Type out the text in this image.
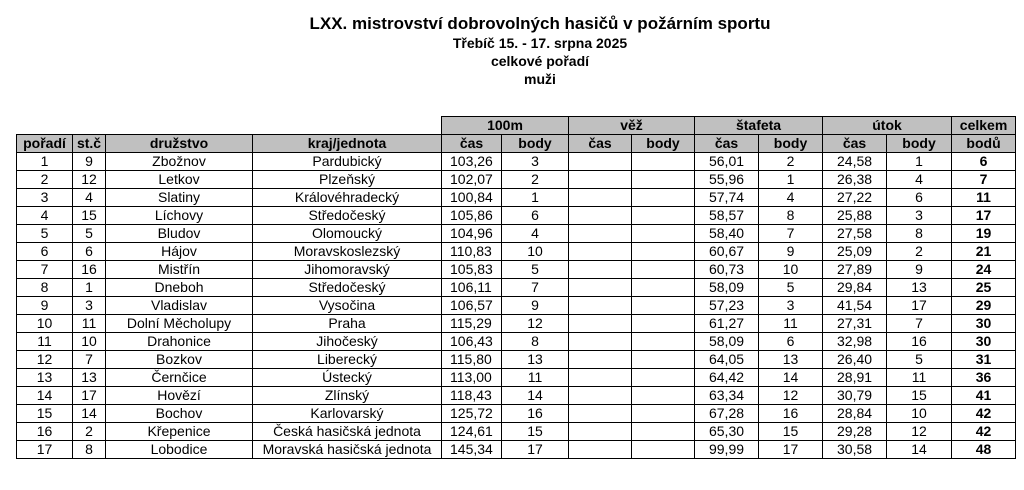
LXX. mistrovství dobrovolných hasičů v požárním sportu
Třebíč 15. - 17. srpna 2025
celkové pořadí
muži
				100m		věž		štafeta		útok		celkem
pořadí	st.č	družstvo	kraj/jednota	čas	body	čas	body	čas	body	čas	body	bodů
1	9	Zbožnov	Pardubický	103,26	3			56,01	2	24,58	1	6
2	12	Letkov	Plzeňský	102,07	2			55,96	1	26,38	4	7
3	4	Slatiny	Královéhradecký	100,84	1			57,74	4	27,22	6	11
4	15	Líchovy	Středočeský	105,86	6			58,57	8	25,88	3	17
5	5	Bludov	Olomoucký	104,96	4			58,40	7	27,58	8	19
6	6	Hájov	Moravskoslezský	110,83	10			60,67	9	25,09	2	21
7	16	Mistřín	Jihomoravský	105,83	5			60,73	10	27,89	9	24
8	1	Dneboh	Středočeský	106,11	7			58,09	5	29,84	13	25
9	3	Vladislav	Vysočina	106,57	9			57,23	3	41,54	17	29
10	11	Dolní Měcholupy	Praha	115,29	12			61,27	11	27,31	7	30
11	10	Drahonice	Jihočeský	106,43	8			58,09	6	32,98	16	30
12	7	Bozkov	Liberecký	115,80	13			64,05	13	26,40	5	31
13	13	Černčice	Ústecký	113,00	11			64,42	14	28,91	11	36
14	17	Hovězí	Zlínský	118,43	14			63,34	12	30,79	15	41
15	14	Bochov	Karlovarský	125,72	16			67,28	16	28,84	10	42
16	2	Křepenice	Česká hasičská jednota	124,61	15			65,30	15	29,28	12	42
17	8	Lobodice	Moravská hasičská jednota	145,34	17			99,99	17	30,58	14	48
